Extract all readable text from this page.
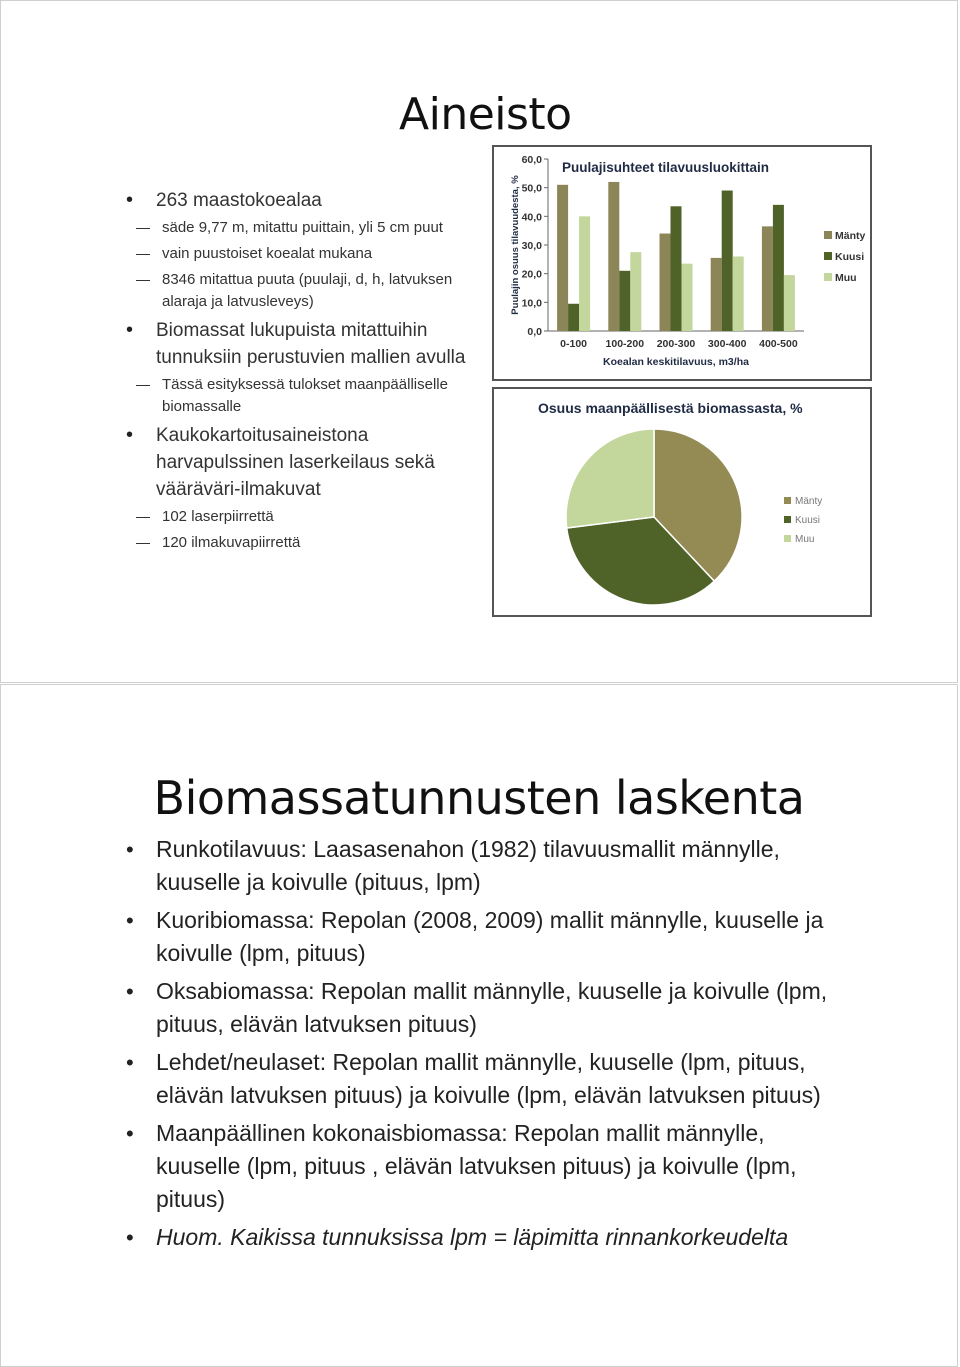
Aineisto
• 263 maastokoealaa
säde 9,77 m, mitattu puittain, yli 5 cm puut
vain puustoiset koealat mukana
8346 mitattua puuta (puulaji, d, h, latvuksen alaraja ja latvusleveys)
• Biomassat lukupuista mitattuihin tunnuksiin perustuvien mallien avulla
Tässä esityksessä tulokset maanpäälliselle biomassalle
• Kaukokartoitusaineistona harvapulssinen laserkeilaus sekä vääräväri-ilmakuvat
102 laserpiirrettä
120 ilmakuvapiirrettä
Puulajisuhteet tilavuusluokittain
0,0
10,0
20,0
30,0
40,0
50,0
60,0
Puulajin osuus tilavuudesta, %
0-100 100-200 200-300 300-400 400-500
Koealan keskitilavuus, m3/ha
Mänty
Kuusi
Muu
Osuus maanpäällisestä biomassasta, %
Mänty
Kuusi
Muu
Biomassatunnusten laskenta
• Runkotilavuus: Laasasenahon (1982) tilavuusmallit männylle, kuuselle ja koivulle (pituus, lpm)
• Kuoribiomassa: Repolan (2008, 2009) mallit männylle, kuuselle ja koivulle (lpm, pituus)
• Oksabiomassa: Repolan mallit männylle, kuuselle ja koivulle (lpm, pituus, elävän latvuksen pituus)
• Lehdet/neulaset: Repolan mallit männylle, kuuselle (lpm, pituus, elävän latvuksen pituus) ja koivulle (lpm, elävän latvuksen pituus)
• Maanpäällinen kokonaisbiomassa: Repolan mallit männylle, kuuselle (lpm, pituus , elävän latvuksen pituus) ja koivulle (lpm, pituus)
• Huom. Kaikissa tunnuksissa lpm = läpimitta rinnankorkeudelta
